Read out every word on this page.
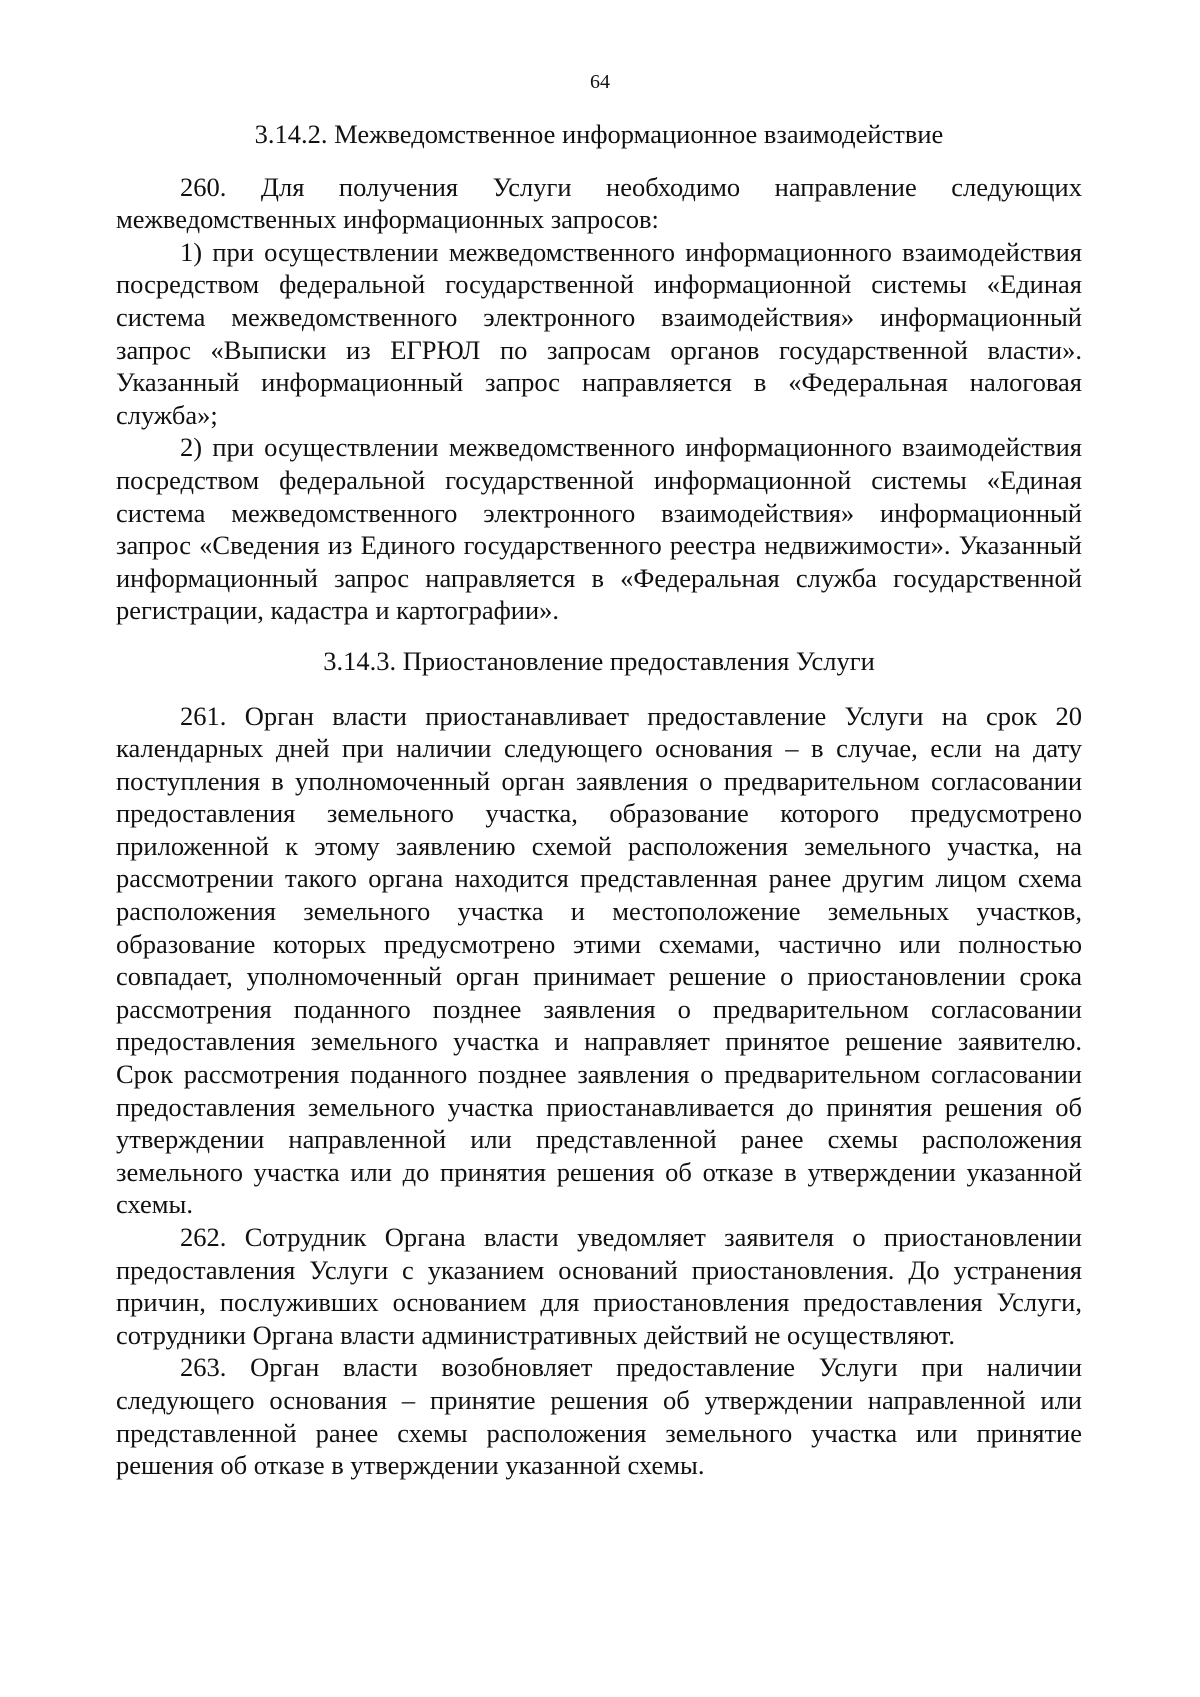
64
3.14.2. Межведомственное информационное взаимодействие

260. Для получения Услуги необходимо направление следующих межведомственных информационных запросов:

1) при осуществлении межведомственного информационного взаимодействия посредством федеральной государственной информационной системы «Единая система межведомственного электронного взаимодействия» информационный запрос «Выписки из ЕГРЮЛ по запросам органов государственной власти». Указанный информационный запрос направляется в «Федеральная налоговая служба»;

2) при осуществлении межведомственного информационного взаимодействия посредством федеральной государственной информационной системы «Единая система межведомственного электронного взаимодействия» информационный запрос «Сведения из Единого государственного реестра недвижимости». Указанный информационный запрос направляется в «Федеральная служба государственной регистрации, кадастра и картографии».

3.14.3. Приостановление предоставления Услуги

261. Орган власти приостанавливает предоставление Услуги на срок 20 календарных дней при наличии следующего основания – в случае, если на дату поступления в уполномоченный орган заявления о предварительном согласовании предоставления земельного участка, образование которого предусмотрено приложенной к этому заявлению схемой расположения земельного участка, на рассмотрении такого органа находится представленная ранее другим лицом схема расположения земельного участка и местоположение земельных участков, образование которых предусмотрено этими схемами, частично или полностью совпадает, уполномоченный орган принимает решение о приостановлении срока рассмотрения поданного позднее заявления о предварительном согласовании предоставления земельного участка и направляет принятое решение заявителю. Срок рассмотрения поданного позднее заявления о предварительном согласовании предоставления земельного участка приостанавливается до принятия решения об утверждении направленной или представленной ранее схемы расположения земельного участка или до принятия решения об отказе в утверждении указанной схемы.

262. Сотрудник Органа власти уведомляет заявителя о приостановлении предоставления Услуги с указанием оснований приостановления. До устранения причин, послуживших основанием для приостановления предоставления Услуги, сотрудники Органа власти административных действий не осуществляют.

263. Орган власти возобновляет предоставление Услуги при наличии следующего основания – принятие решения об утверждении направленной или представленной ранее схемы расположения земельного участка или принятие решения об отказе в утверждении указанной схемы.
